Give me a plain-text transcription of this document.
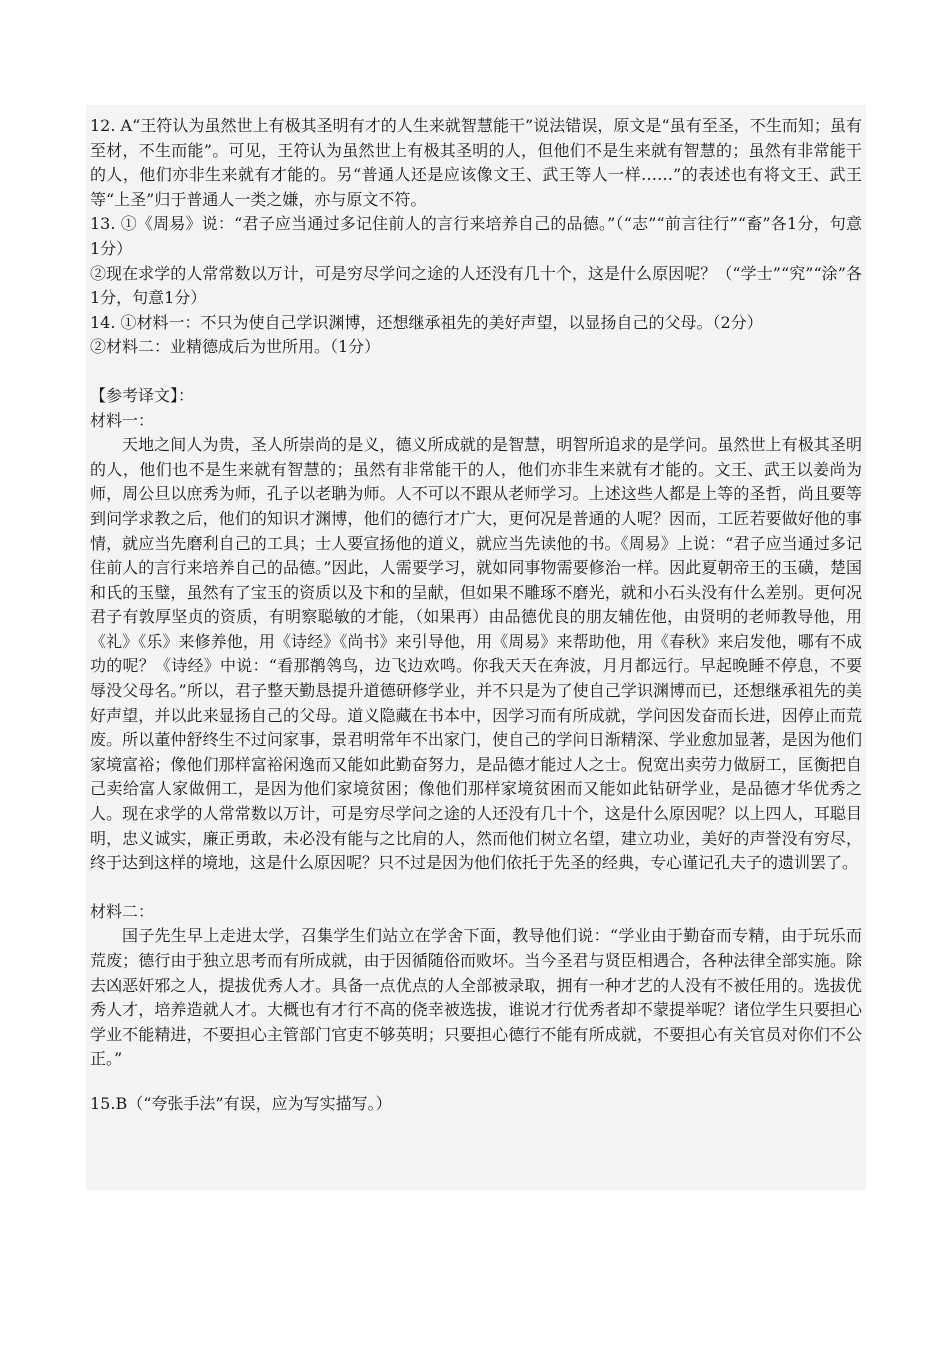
12. A“王符认为虽然世上有极其圣明有才的人生来就智慧能干”说法错误，原文是“虽有至圣，不生而知；虽有至材，不生而能”。可见，王符认为虽然世上有极其圣明的人，但他们不是生来就有智慧的；虽然有非常能干的人，他们亦非生来就有才能的。另“普通人还是应该像文王、武王等人一样……”的表述也有将文王、武王等“上圣”归于普通人一类之嫌，亦与原文不符。

13. ①《周易》说：“君子应当通过多记住前人的言行来培养自己的品德。”（“志”“前言往行”“畜”各1分，句意1分）

②现在求学的人常常数以万计，可是穷尽学问之途的人还没有几十个，这是什么原因呢？（“学士”“究”“涂”各1分，句意1分）

14. ①材料一：不只为使自己学识渊博，还想继承祖先的美好声望，以显扬自己的父母。（2分）

②材料二：业精德成后为世所用。（1分）

【参考译文】：

材料一：

天地之间人为贵，圣人所崇尚的是义，德义所成就的是智慧，明智所追求的是学问。虽然世上有极其圣明的人，他们也不是生来就有智慧的；虽然有非常能干的人，他们亦非生来就有才能的。文王、武王以姜尚为师，周公旦以庶秀为师，孔子以老聃为师。人不可以不跟从老师学习。上述这些人都是上等的圣哲，尚且要等到问学求教之后，他们的知识才渊博，他们的德行才广大，更何况是普通的人呢？因而，工匠若要做好他的事情，就应当先磨利自己的工具；士人要宣扬他的道义，就应当先读他的书。《周易》上说：“君子应当通过多记住前人的言行来培养自己的品德。”因此，人需要学习，就如同事物需要修治一样。因此夏朝帝王的玉磺，楚国和氏的玉璧，虽然有了宝玉的资质以及卞和的呈献，但如果不雕琢不磨光，就和小石头没有什么差别。更何况君子有敦厚坚贞的资质，有明察聪敏的才能，（如果再）由品德优良的朋友辅佐他，由贤明的老师教导他，用《礼》《乐》来修养他，用《诗经》《尚书》来引导他，用《周易》来帮助他，用《春秋》来启发他，哪有不成功的呢？《诗经》中说：“看那鹡鸰鸟，边飞边欢鸣。你我天天在奔波，月月都远行。早起晚睡不停息，不要辱没父母名。”所以，君子整天勤恳提升道德研修学业，并不只是为了使自己学识渊博而已，还想继承祖先的美好声望，并以此来显扬自己的父母。道义隐藏在书本中，因学习而有所成就，学问因发奋而长进，因停止而荒废。所以董仲舒终生不过问家事，景君明常年不出家门，使自己的学问日渐精深、学业愈加显著，是因为他们家境富裕；像他们那样富裕闲逸而又能如此勤奋努力，是品德才能过人之士。倪宽出卖劳力做厨工，匡衡把自己卖给富人家做佣工，是因为他们家境贫困；像他们那样家境贫困而又能如此钻研学业，是品德才华优秀之人。现在求学的人常常数以万计，可是穷尽学问之途的人还没有几十个，这是什么原因呢？以上四人，耳聪目明，忠义诚实，廉正勇敢，未必没有能与之比肩的人，然而他们树立名望，建立功业，美好的声誉没有穷尽，终于达到这样的境地，这是什么原因呢？只不过是因为他们依托于先圣的经典，专心谨记孔夫子的遗训罢了。

材料二：

国子先生早上走进太学，召集学生们站立在学舍下面，教导他们说：“学业由于勤奋而专精，由于玩乐而荒废；德行由于独立思考而有所成就，由于因循随俗而败坏。当今圣君与贤臣相遇合，各种法律全部实施。除去凶恶奸邪之人，提拔优秀人才。具备一点优点的人全部被录取，拥有一种才艺的人没有不被任用的。选拔优秀人才，培养造就人才。大概也有才行不高的侥幸被选拔，谁说才行优秀者却不蒙提举呢？诸位学生只要担心学业不能精进，不要担心主管部门官吏不够英明；只要担心德行不能有所成就，不要担心有关官员对你们不公正。”

15.B（“夸张手法”有误，应为写实描写。）
